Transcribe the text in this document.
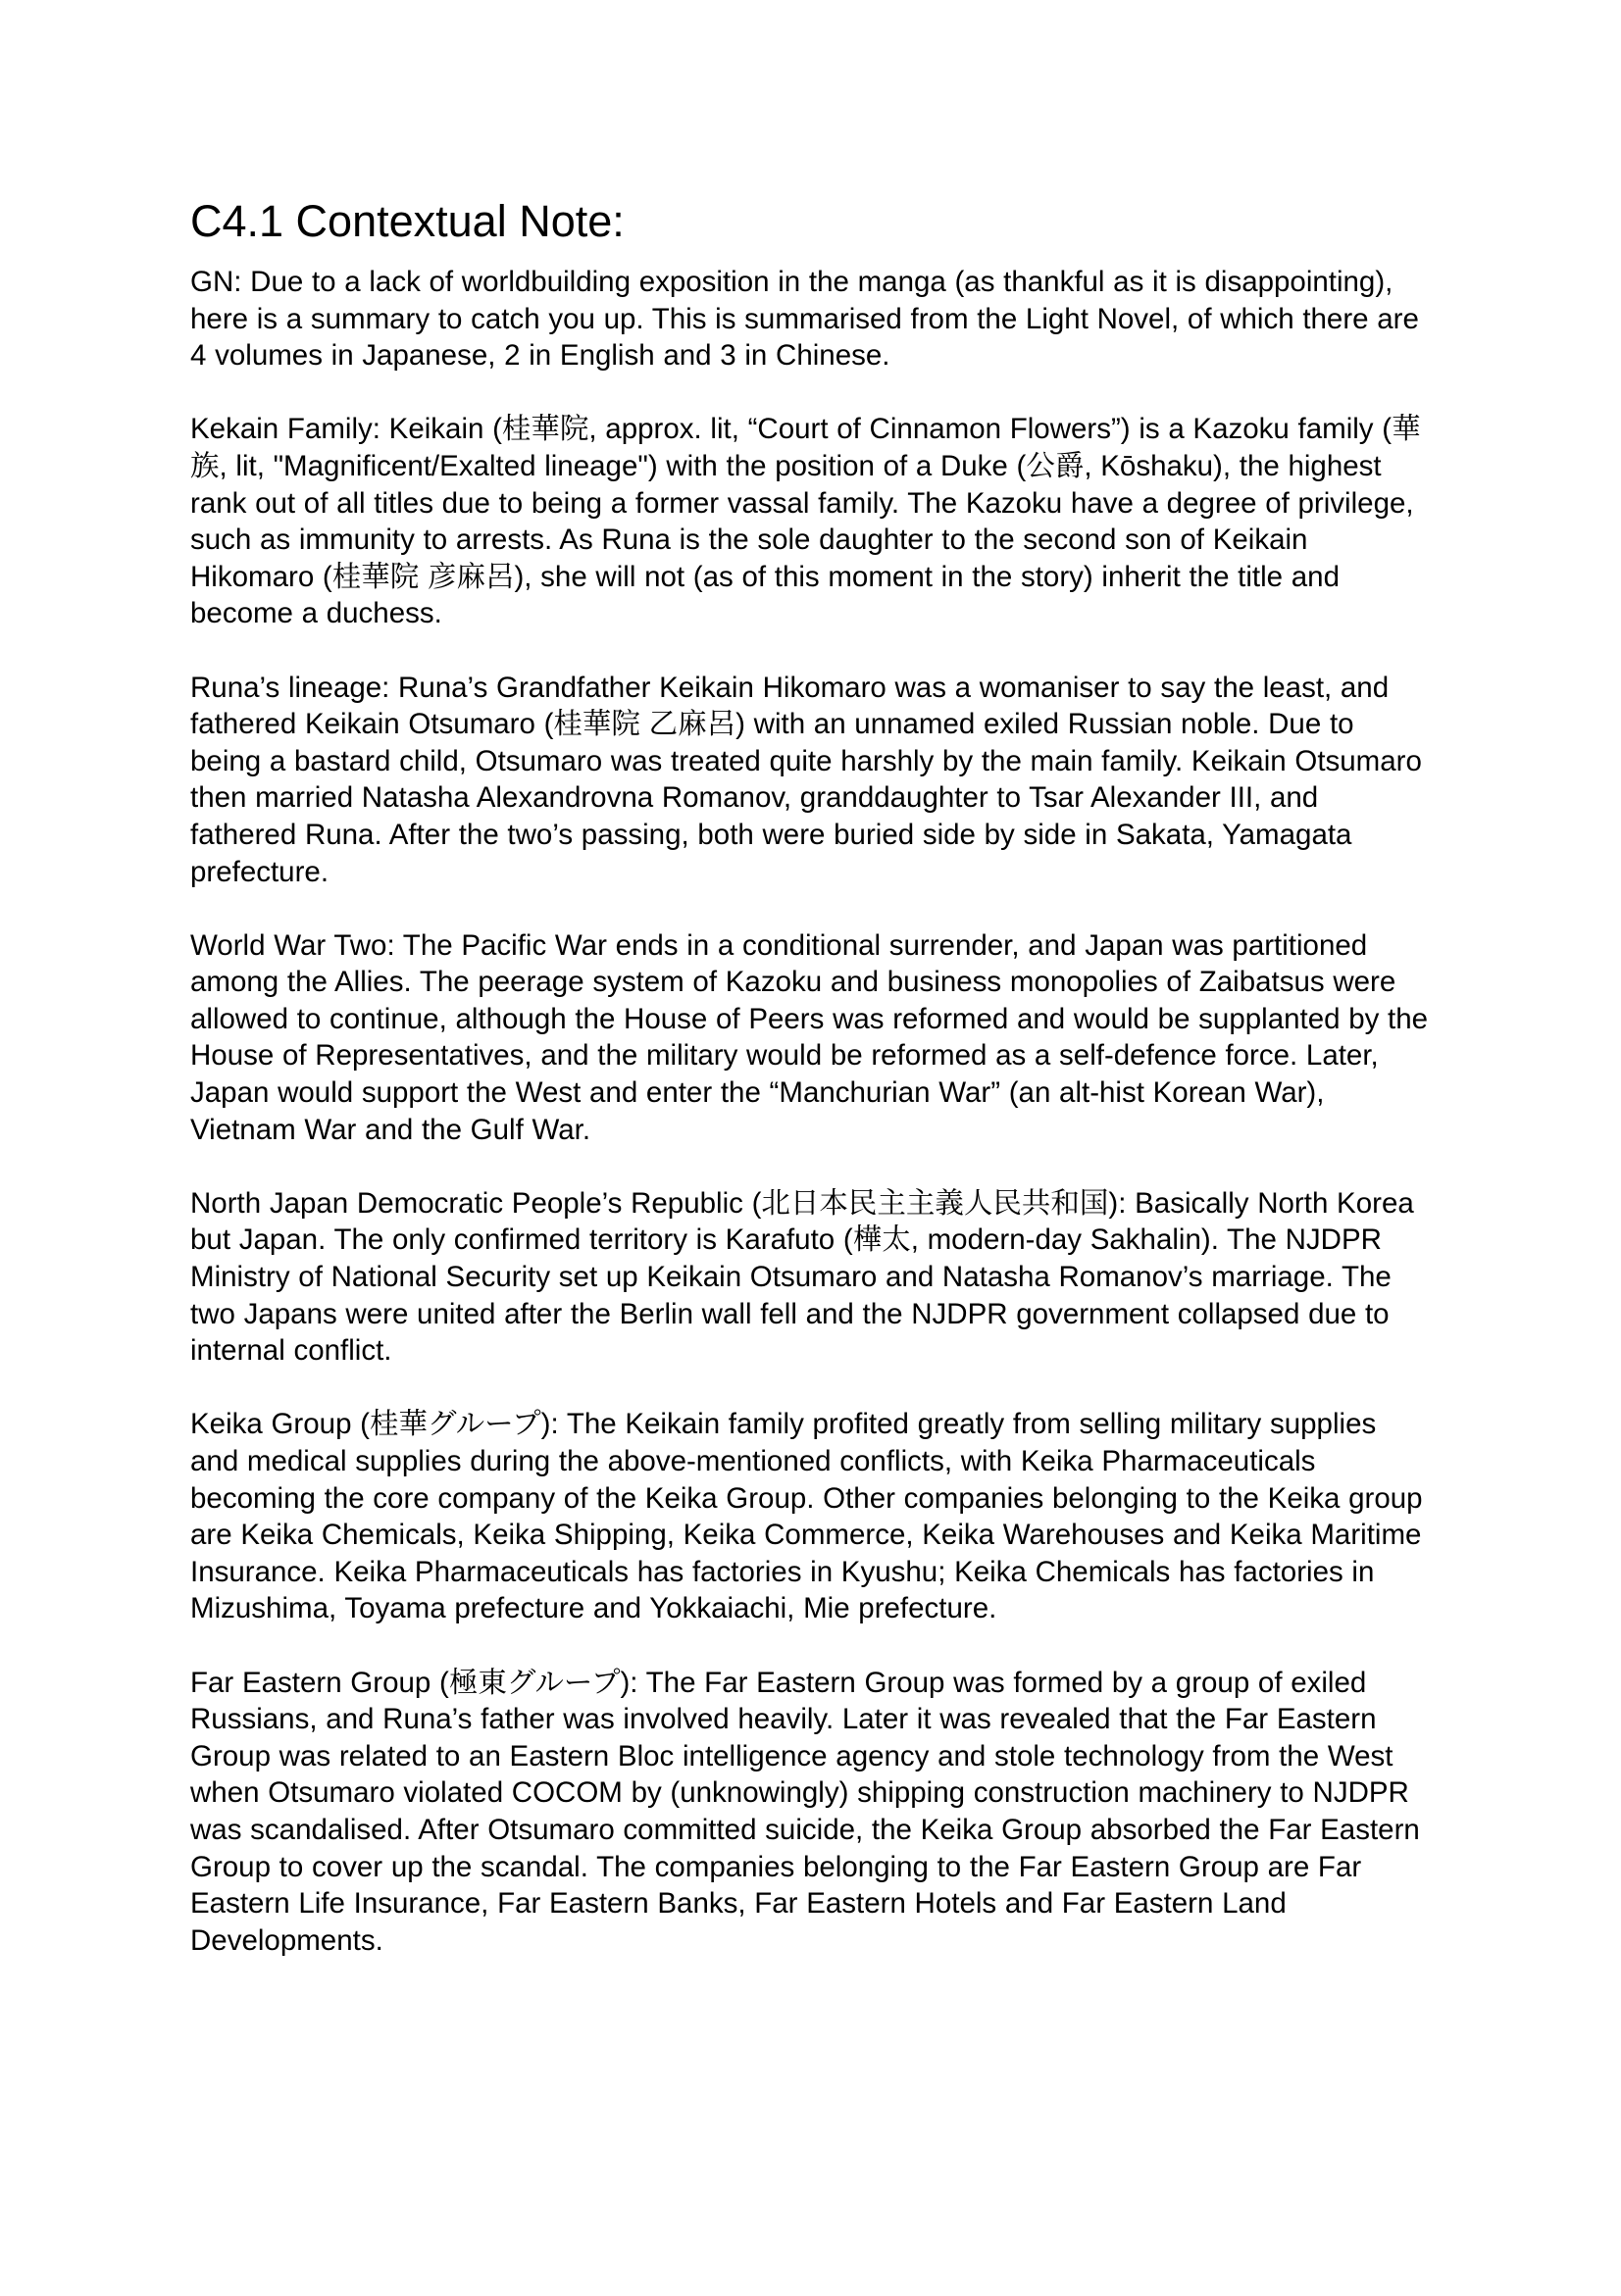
C4.1 Contextual Note:

GN: Due to a lack of worldbuilding exposition in the manga (as thankful as it is disappointing), here is a summary to catch you up. This is summarised from the Light Novel, of which there are 4 volumes in Japanese, 2 in English and 3 in Chinese.

Kekain Family: Keikain (桂華院, approx. lit, “Court of Cinnamon Flowers”) is a Kazoku family (華族, lit, "Magnificent/Exalted lineage") with the position of a Duke (公爵, Kōshaku), the highest rank out of all titles due to being a former vassal family. The Kazoku have a degree of privilege, such as immunity to arrests. As Runa is the sole daughter to the second son of Keikain Hikomaro (桂華院 彦麻呂), she will not (as of this moment in the story) inherit the title and become a duchess.

Runa’s lineage: Runa’s Grandfather Keikain Hikomaro was a womaniser to say the least, and fathered Keikain Otsumaro (桂華院 乙麻呂) with an unnamed exiled Russian noble. Due to being a bastard child, Otsumaro was treated quite harshly by the main family. Keikain Otsumaro then married Natasha Alexandrovna Romanov, granddaughter to Tsar Alexander III, and fathered Runa. After the two’s passing, both were buried side by side in Sakata, Yamagata prefecture.

World War Two: The Pacific War ends in a conditional surrender, and Japan was partitioned among the Allies. The peerage system of Kazoku and business monopolies of Zaibatsus were allowed to continue, although the House of Peers was reformed and would be supplanted by the House of Representatives, and the military would be reformed as a self-defence force. Later, Japan would support the West and enter the “Manchurian War” (an alt-hist Korean War), Vietnam War and the Gulf War.

North Japan Democratic People’s Republic (北日本民主主義人民共和国): Basically North Korea but Japan. The only confirmed territory is Karafuto (樺太, modern-day Sakhalin). The NJDPR Ministry of National Security set up Keikain Otsumaro and Natasha Romanov’s marriage. The two Japans were united after the Berlin wall fell and the NJDPR government collapsed due to internal conflict.

Keika Group (桂華グループ): The Keikain family profited greatly from selling military supplies and medical supplies during the above-mentioned conflicts, with Keika Pharmaceuticals becoming the core company of the Keika Group. Other companies belonging to the Keika group are Keika Chemicals, Keika Shipping, Keika Commerce, Keika Warehouses and Keika Maritime Insurance. Keika Pharmaceuticals has factories in Kyushu; Keika Chemicals has factories in Mizushima, Toyama prefecture and Yokkaiachi, Mie prefecture.

Far Eastern Group (極東グループ): The Far Eastern Group was formed by a group of exiled Russians, and Runa’s father was involved heavily. Later it was revealed that the Far Eastern Group was related to an Eastern Bloc intelligence agency and stole technology from the West when Otsumaro violated COCOM by (unknowingly) shipping construction machinery to NJDPR was scandalised. After Otsumaro committed suicide, the Keika Group absorbed the Far Eastern Group to cover up the scandal. The companies belonging to the Far Eastern Group are Far Eastern Life Insurance, Far Eastern Banks, Far Eastern Hotels and Far Eastern Land Developments.
